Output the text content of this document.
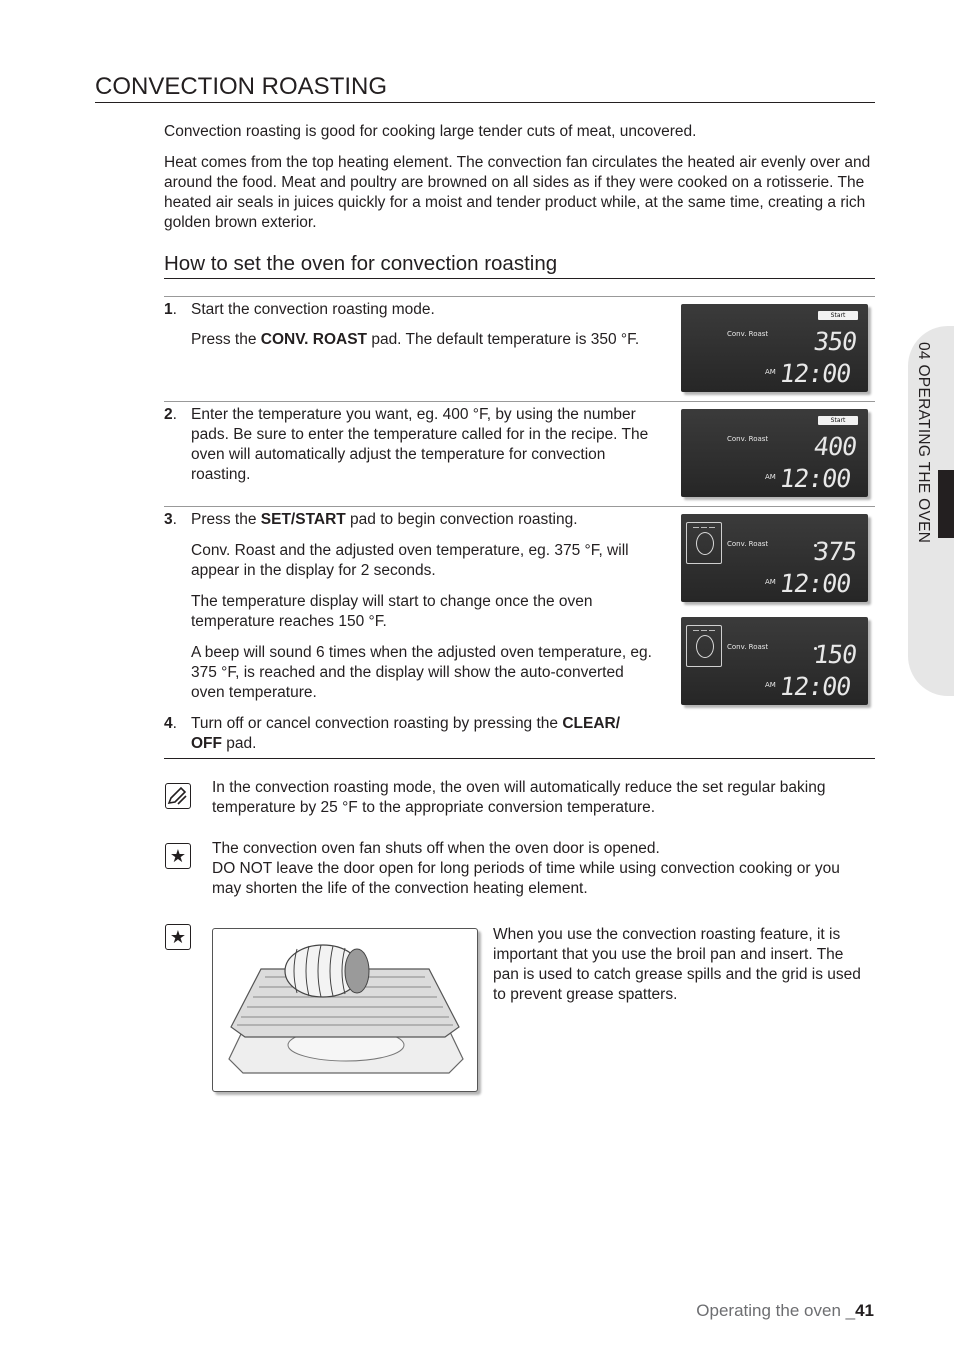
CONVECTION ROASTING
Convection roasting is good for cooking large tender cuts of meat, uncovered.
Heat comes from the top heating element. The convection fan circulates the heated air evenly over and around the food. Meat and poultry are browned on all sides as if they were cooked on a rotisserie. The heated air seals in juices quickly for a moist and tender product while, at the same time, creating a rich golden brown exterior.
How to set the oven for convection roasting
1. Start the convection roasting mode.
Press the CONV. ROAST pad. The default temperature is 350 °F.
Start
Conv. Roast 350
AM 12:00
2. Enter the temperature you want, eg. 400 °F, by using the number pads. Be sure to enter the temperature called for in the recipe. The oven will automatically adjust the temperature for convection roasting.
Start
Conv. Roast 400
AM 12:00
3. Press the SET/START pad to begin convection roasting.
Conv. Roast and the adjusted oven temperature, eg. 375 °F, will appear in the display for 2 seconds.
The temperature display will start to change once the oven temperature reaches 150 °F.
A beep will sound 6 times when the adjusted oven temperature, eg. 375 °F, is reached and the display will show the auto-converted oven temperature.
Conv. Roast 375
AM 12:00
Conv. Roast 150
AM 12:00
4. Turn off or cancel convection roasting by pressing the CLEAR/
OFF pad.
In the convection roasting mode, the oven will automatically reduce the set regular baking temperature by 25 °F to the appropriate conversion temperature.
★ The convection oven fan shuts off when the oven door is opened.
DO NOT leave the door open for long periods of time while using convection cooking or you may shorten the life of the convection heating element.
★	When you use the convection roasting feature, it is important that you use the broil pan and insert. The pan is used to catch grease spills and the grid is used to prevent grease spatters.
04 OPERATING THE OVEN
Operating the oven _41
